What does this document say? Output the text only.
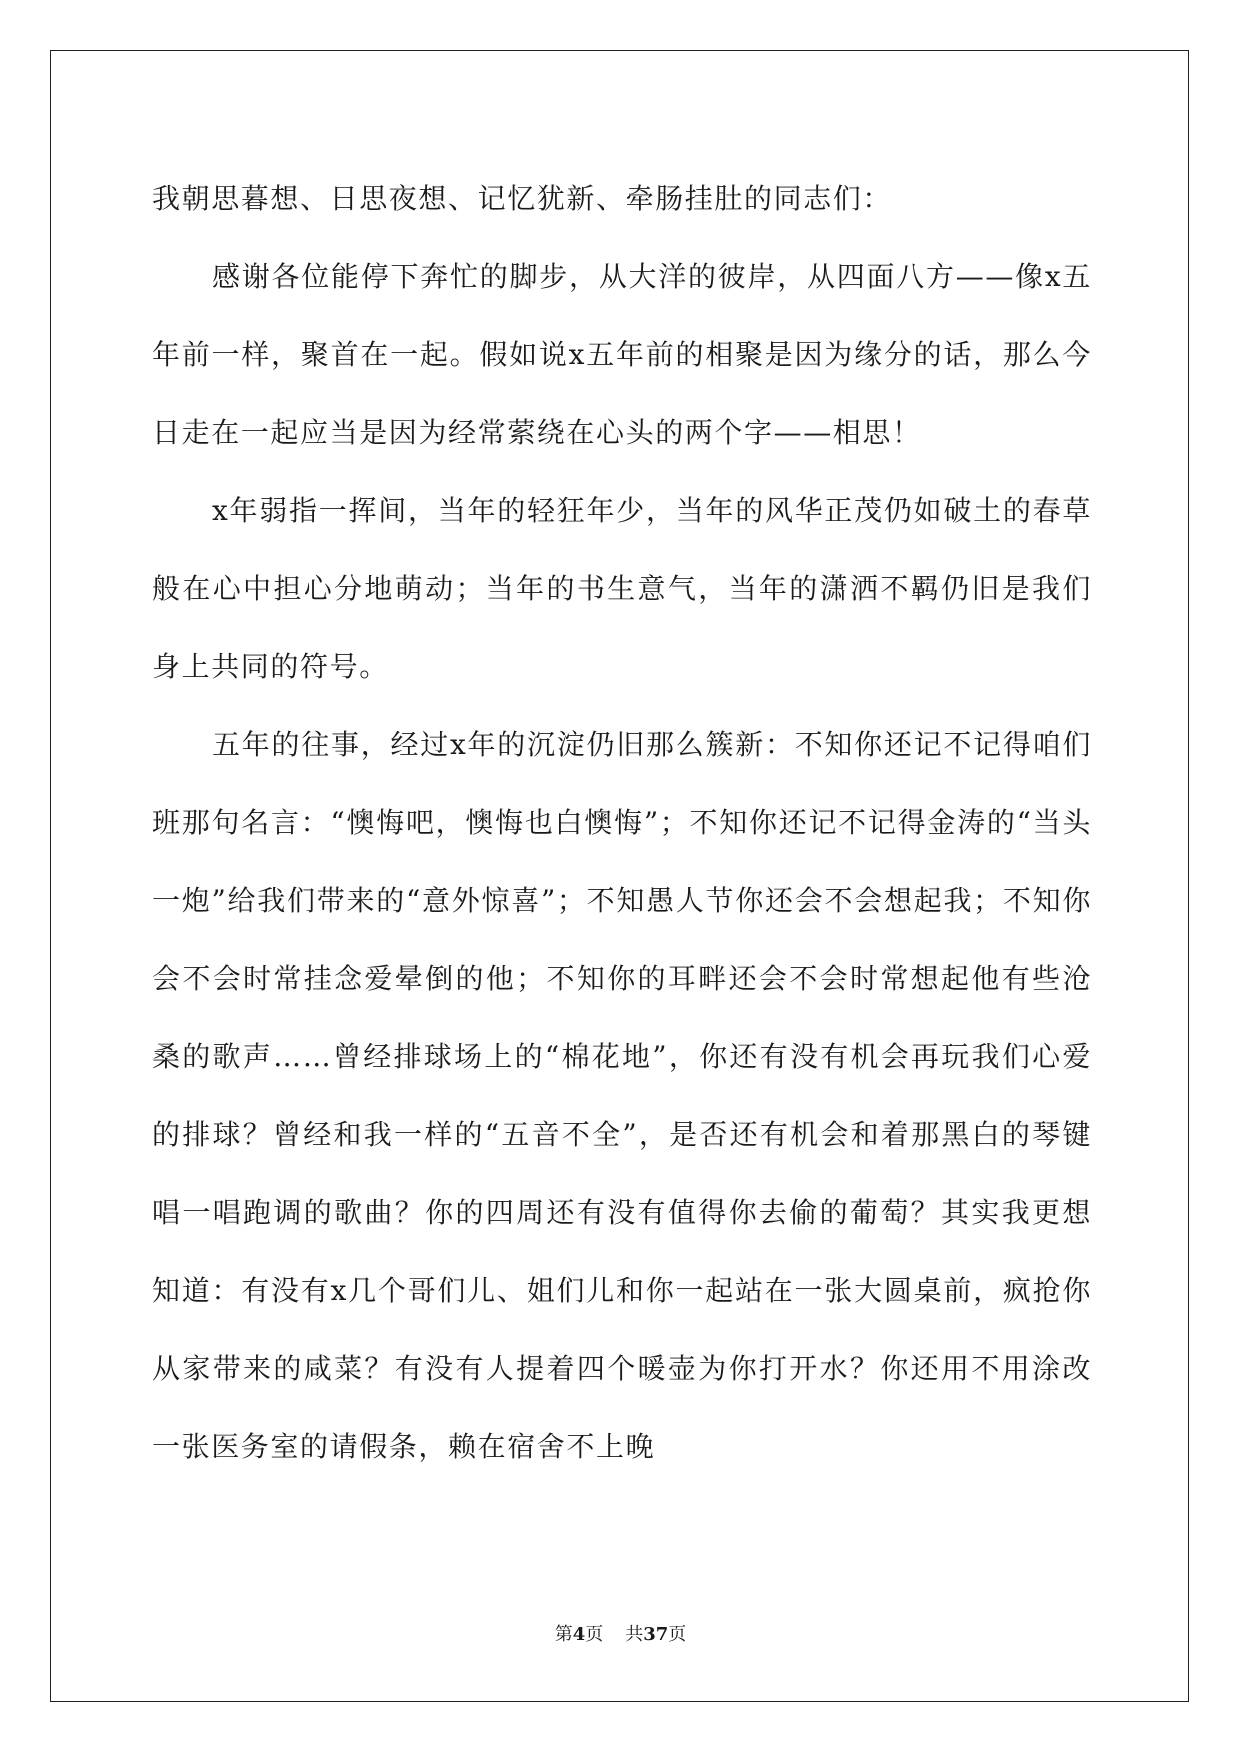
我朝思暮想、日思夜想、记忆犹新、牵肠挂肚的同志们：

感谢各位能停下奔忙的脚步，从大洋的彼岸，从四面八方——像x五年前一样，聚首在一起。假如说x五年前的相聚是因为缘分的话，那么今日走在一起应当是因为经常萦绕在心头的两个字——相思！

x年弱指一挥间，当年的轻狂年少，当年的风华正茂仍如破土的春草般在心中担心分地萌动；当年的书生意气，当年的潇洒不羁仍旧是我们身上共同的符号。

五年的往事，经过x年的沉淀仍旧那么簇新：不知你还记不记得咱们班那句名言：“懊悔吧，懊悔也白懊悔”；不知你还记不记得金涛的“当头一炮”给我们带来的“意外惊喜”；不知愚人节你还会不会想起我；不知你会不会时常挂念爱晕倒的他；不知你的耳畔还会不会时常想起他有些沧桑的歌声……曾经排球场上的“棉花地”，你还有没有机会再玩我们心爱的排球？曾经和我一样的“五音不全”，是否还有机会和着那黑白的琴键唱一唱跑调的歌曲？你的四周还有没有值得你去偷的葡萄？其实我更想知道：有没有x几个哥们儿、姐们儿和你一起站在一张大圆桌前，疯抢你从家带来的咸菜？有没有人提着四个暖壶为你打开水？你还用不用涂改一张医务室的请假条，赖在宿舍不上晚

第4页 共37页
